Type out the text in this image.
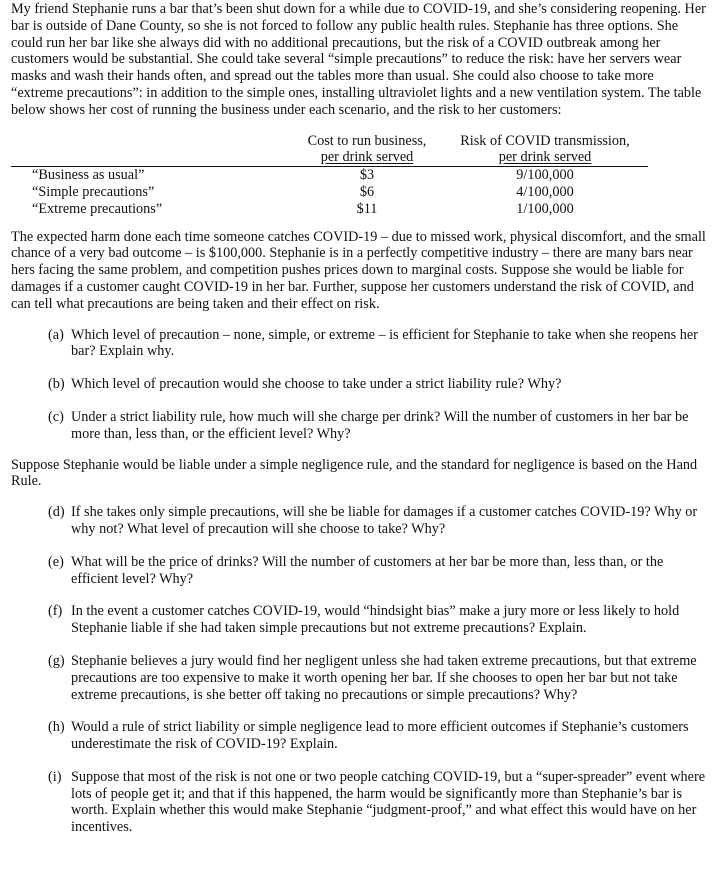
My friend Stephanie runs a bar that’s been shut down for a while due to COVID-19, and she’s considering reopening. Her bar is outside of Dane County, so she is not forced to follow any public health rules. Stephanie has three options. She could run her bar like she always did with no additional precautions, but the risk of a COVID outbreak among her customers would be substantial. She could take several “simple precautions” to reduce the risk: have her servers wear masks and wash their hands often, and spread out the tables more than usual. She could also choose to take more “extreme precautions”: in addition to the simple ones, installing ultraviolet lights and a new ventilation system. The table below shows her cost of running the business under each scenario, and the risk to her customers:

	Cost to run business,	Risk of COVID transmission,	
	per drink served	per drink served	
“Business as usual”	$3	9/100,000	
“Simple precautions”	$6	4/100,000	
“Extreme precautions”	$11	1/100,000	

The expected harm done each time someone catches COVID-19 – due to missed work, physical discomfort, and the small chance of a very bad outcome – is $100,000. Stephanie is in a perfectly competitive industry – there are many bars near hers facing the same problem, and competition pushes prices down to marginal costs. Suppose she would be liable for damages if a customer caught COVID-19 in her bar. Further, suppose her customers understand the risk of COVID, and can tell what precautions are being taken and their effect on risk.

(a) Which level of precaution – none, simple, or extreme – is efficient for Stephanie to take when she reopens her bar? Explain why.
(b) Which level of precaution would she choose to take under a strict liability rule? Why?
(c) Under a strict liability rule, how much will she charge per drink? Will the number of customers in her bar be more than, less than, or the efficient level? Why?

Suppose Stephanie would be liable under a simple negligence rule, and the standard for negligence is based on the Hand Rule.

(d) If she takes only simple precautions, will she be liable for damages if a customer catches COVID-19? Why or why not? What level of precaution will she choose to take? Why?
(e) What will be the price of drinks? Will the number of customers at her bar be more than, less than, or the efficient level? Why?
(f) In the event a customer catches COVID-19, would “hindsight bias” make a jury more or less likely to hold Stephanie liable if she had taken simple precautions but not extreme precautions? Explain.
(g) Stephanie believes a jury would find her negligent unless she had taken extreme precautions, but that extreme precautions are too expensive to make it worth opening her bar. If she chooses to open her bar but not take extreme precautions, is she better off taking no precautions or simple precautions? Why?
(h) Would a rule of strict liability or simple negligence lead to more efficient outcomes if Stephanie’s customers underestimate the risk of COVID-19? Explain.
(i) Suppose that most of the risk is not one or two people catching COVID-19, but a “super-spreader” event where lots of people get it; and that if this happened, the harm would be significantly more than Stephanie’s bar is worth. Explain whether this would make Stephanie “judgment-proof,” and what effect this would have on her incentives.
